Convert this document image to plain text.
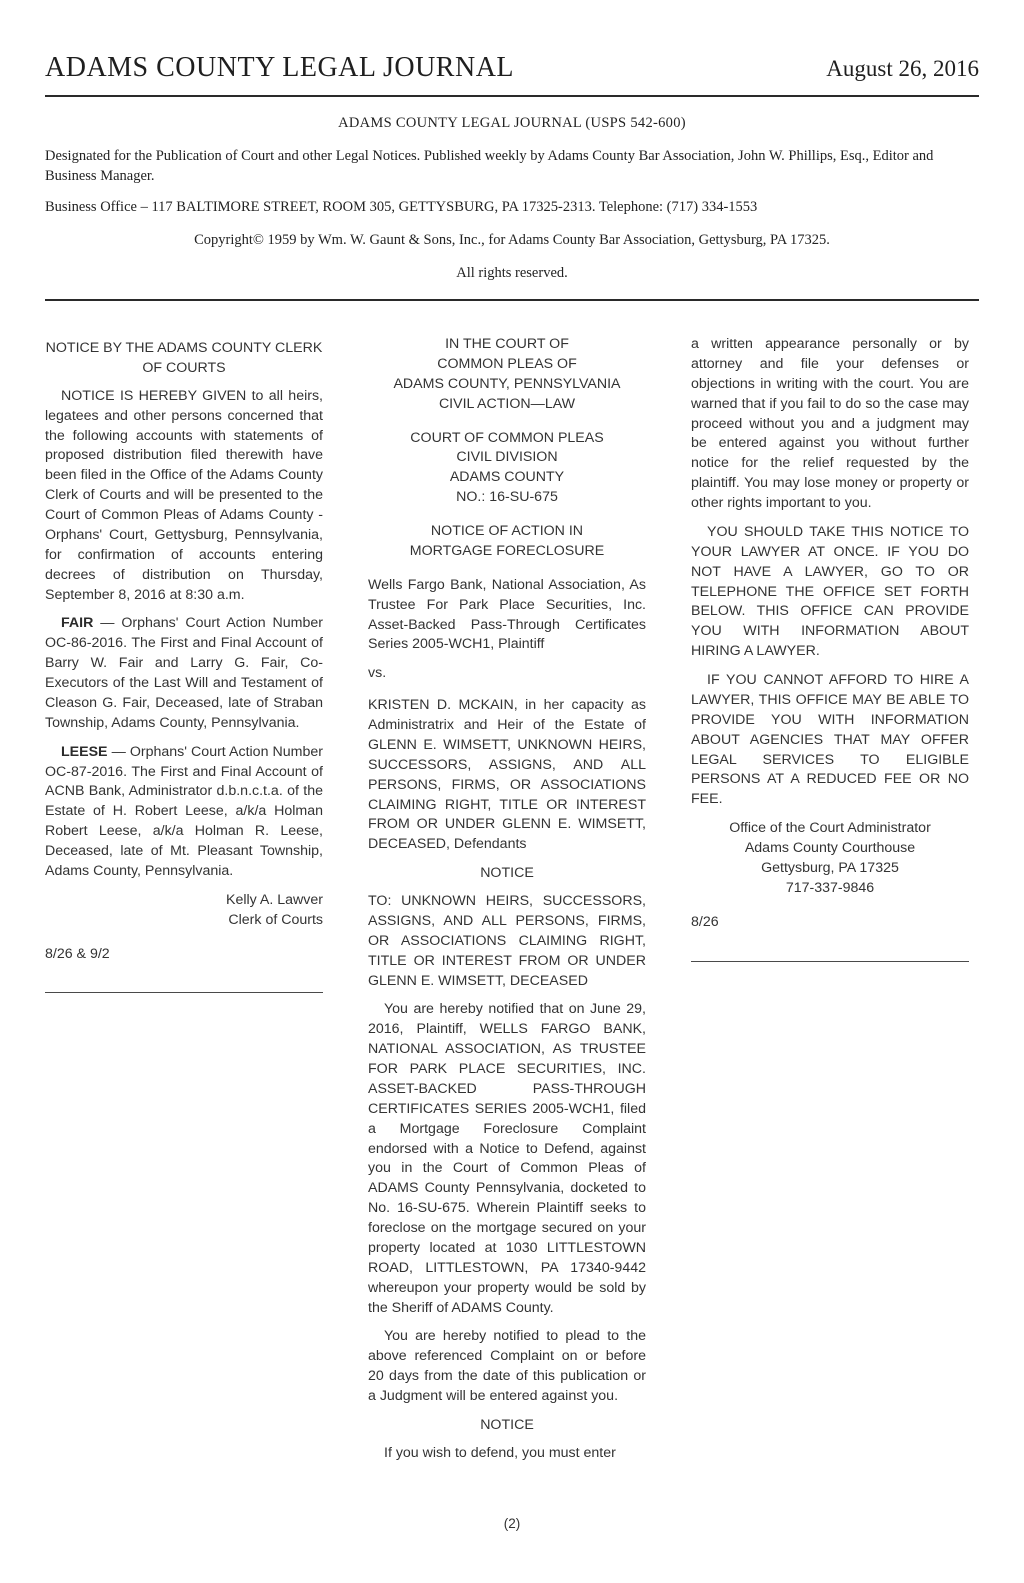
ADAMS COUNTY LEGAL JOURNAL	August 26, 2016
ADAMS COUNTY LEGAL JOURNAL (USPS 542-600)

Designated for the Publication of Court and other Legal Notices. Published weekly by Adams County Bar Association, John W. Phillips, Esq., Editor and Business Manager.

Business Office – 117 BALTIMORE STREET, ROOM 305, GETTYSBURG, PA 17325-2313. Telephone: (717) 334-1553

Copyright© 1959 by Wm. W. Gaunt & Sons, Inc., for Adams County Bar Association, Gettysburg, PA 17325.

All rights reserved.

NOTICE BY THE ADAMS COUNTY CLERK OF COURTS
NOTICE IS HEREBY GIVEN to all heirs, legatees and other persons concerned that the following accounts with statements of proposed distribution filed therewith have been filed in the Office of the Adams County Clerk of Courts and will be presented to the Court of Common Pleas of Adams County - Orphans' Court, Gettysburg, Pennsylvania, for confirmation of accounts entering decrees of distribution on Thursday, September 8, 2016 at 8:30 a.m.
FAIR — Orphans' Court Action Number OC-86-2016. The First and Final Account of Barry W. Fair and Larry G. Fair, Co-Executors of the Last Will and Testament of Cleason G. Fair, Deceased, late of Straban Township, Adams County, Pennsylvania.
LEESE — Orphans' Court Action Number OC-87-2016. The First and Final Account of ACNB Bank, Administrator d.b.n.c.t.a. of the Estate of H. Robert Leese, a/k/a Holman Robert Leese, a/k/a Holman R. Leese, Deceased, late of Mt. Pleasant Township, Adams County, Pennsylvania.
Kelly A. Lawver
Clerk of Courts
8/26 & 9/2
IN THE COURT OF
COMMON PLEAS OF
ADAMS COUNTY, PENNSYLVANIA
CIVIL ACTION—LAW
COURT OF COMMON PLEAS
CIVIL DIVISION
ADAMS COUNTY
NO.: 16-SU-675
NOTICE OF ACTION IN
MORTGAGE FORECLOSURE
Wells Fargo Bank, National Association, As Trustee For Park Place Securities, Inc. Asset-Backed Pass-Through Certificates Series 2005-WCH1, Plaintiff
vs.
KRISTEN D. MCKAIN, in her capacity as Administratrix and Heir of the Estate of GLENN E. WIMSETT, UNKNOWN HEIRS, SUCCESSORS, ASSIGNS, AND ALL PERSONS, FIRMS, OR ASSOCIATIONS CLAIMING RIGHT, TITLE OR INTEREST FROM OR UNDER GLENN E. WIMSETT, DECEASED, Defendants
NOTICE
TO: UNKNOWN HEIRS, SUCCESSORS, ASSIGNS, AND ALL PERSONS, FIRMS, OR ASSOCIATIONS CLAIMING RIGHT, TITLE OR INTEREST FROM OR UNDER GLENN E. WIMSETT, DECEASED
You are hereby notified that on June 29, 2016, Plaintiff, WELLS FARGO BANK, NATIONAL ASSOCIATION, AS TRUSTEE FOR PARK PLACE SECURITIES, INC. ASSET-BACKED PASS-THROUGH CERTIFICATES SERIES 2005-WCH1, filed a Mortgage Foreclosure Complaint endorsed with a Notice to Defend, against you in the Court of Common Pleas of ADAMS County Pennsylvania, docketed to No. 16-SU-675. Wherein Plaintiff seeks to foreclose on the mortgage secured on your property located at 1030 LITTLESTOWN ROAD, LITTLESTOWN, PA 17340-9442 whereupon your property would be sold by the Sheriff of ADAMS County.
You are hereby notified to plead to the above referenced Complaint on or before 20 days from the date of this publication or a Judgment will be entered against you.
NOTICE
If you wish to defend, you must enter
a written appearance personally or by attorney and file your defenses or objections in writing with the court. You are warned that if you fail to do so the case may proceed without you and a judgment may be entered against you without further notice for the relief requested by the plaintiff. You may lose money or property or other rights important to you.
YOU SHOULD TAKE THIS NOTICE TO YOUR LAWYER AT ONCE. IF YOU DO NOT HAVE A LAWYER, GO TO OR TELEPHONE THE OFFICE SET FORTH BELOW. THIS OFFICE CAN PROVIDE YOU WITH INFORMATION ABOUT HIRING A LAWYER.
IF YOU CANNOT AFFORD TO HIRE A LAWYER, THIS OFFICE MAY BE ABLE TO PROVIDE YOU WITH INFORMATION ABOUT AGENCIES THAT MAY OFFER LEGAL SERVICES TO ELIGIBLE PERSONS AT A REDUCED FEE OR NO FEE.
Office of the Court Administrator
Adams County Courthouse
Gettysburg, PA 17325
717-337-9846
8/26
(2)
